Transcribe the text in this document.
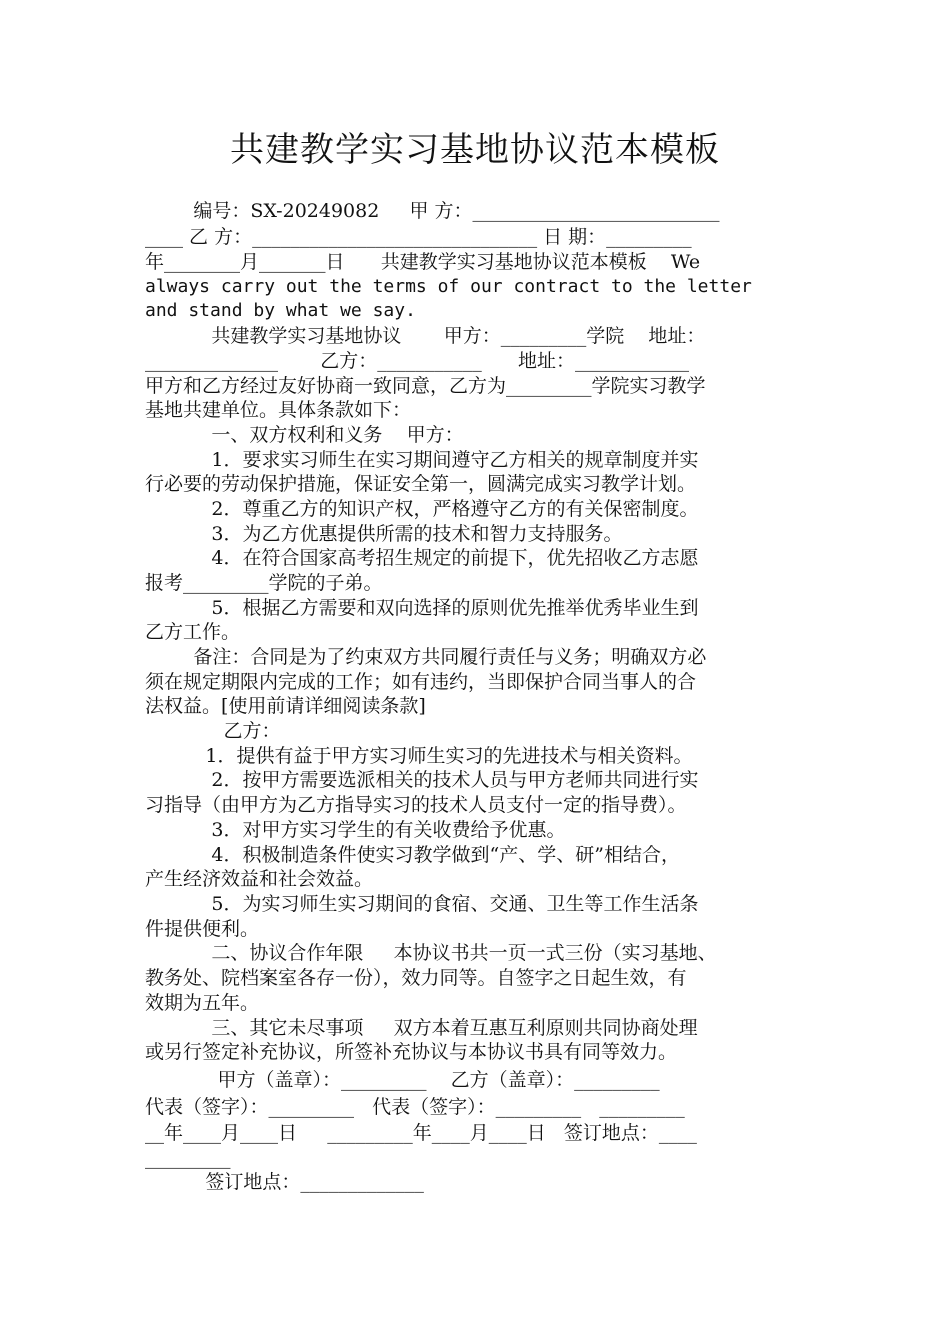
共建教学实习基地协议范本模板
编号：SX-20249082     甲 方：__________________________
____ 乙 方：______________________________ 日 期：_________
年________月_______日      共建教学实习基地协议范本模板    We
always carry out the terms of our contract to the letter
and stand by what we say.
共建教学实习基地协议       甲方：_________学院    地址：
______________       乙方：___________      地址：____________
甲方和乙方经过友好协商一致同意，乙方为_________学院实习教学
基地共建单位。具体条款如下：
一、双方权利和义务    甲方：
1．要求实习师生在实习期间遵守乙方相关的规章制度并实
行必要的劳动保护措施，保证安全第一，圆满完成实习教学计划。
2．尊重乙方的知识产权，严格遵守乙方的有关保密制度。
3．为乙方优惠提供所需的技术和智力支持服务。
4．在符合国家高考招生规定的前提下，优先招收乙方志愿
报考_________学院的子弟。
5．根据乙方需要和双向选择的原则优先推举优秀毕业生到
乙方工作。
备注：合同是为了约束双方共同履行责任与义务；明确双方必
须在规定期限内完成的工作；如有违约，当即保护合同当事人的合
法权益。[使用前请详细阅读条款]
乙方：
1．提供有益于甲方实习师生实习的先进技术与相关资料。
2．按甲方需要选派相关的技术人员与甲方老师共同进行实
习指导（由甲方为乙方指导实习的技术人员支付一定的指导费）。
3．对甲方实习学生的有关收费给予优惠。
4．积极制造条件使实习教学做到“产、学、研”相结合，
产生经济效益和社会效益。
5．为实习师生实习期间的食宿、交通、卫生等工作生活条
件提供便利。
二、协议合作年限     本协议书共一页一式三份（实习基地、
教务处、院档案室各存一份），效力同等。自签字之日起生效，有
效期为五年。
三、其它未尽事项     双方本着互惠互利原则共同协商处理
或另行签定补充协议，所签补充协议与本协议书具有同等效力。
甲方（盖章）：_________    乙方（盖章）：_________
代表（签字）：_________   代表（签字）：_________   _________
__年____月____日     _________年____月____日   签订地点：____
_________
签订地点：_____________
